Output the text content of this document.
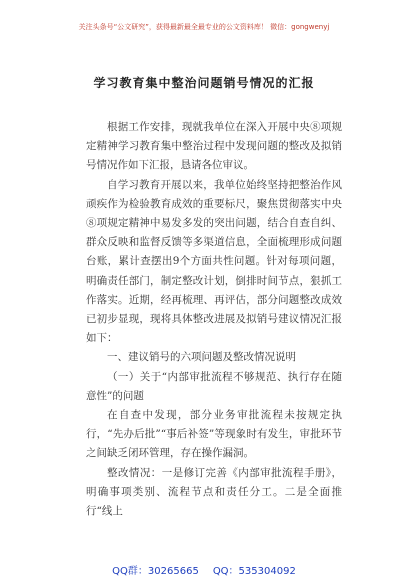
关注头条号“公文研究”，获得最新最全最专业的公文资料库！ 微信：gongwenyj
学习教育集中整治问题销号情况的汇报

根据工作安排，现就我单位在深入开展中央⑧项规定精神学习教育集中整治过程中发现问题的整改及拟销号情况作如下汇报，恳请各位审议。

自学习教育开展以来，我单位始终坚持把整治作风顽疾作为检验教育成效的重要标尺，聚焦贯彻落实中央⑧项规定精神中易发多发的突出问题，结合自查自纠、群众反映和监督反馈等多渠道信息，全面梳理形成问题台账，累计查摆出9个方面共性问题。针对每项问题，明确责任部门，制定整改计划，倒排时间节点，狠抓工作落实。近期，经再梳理、再评估，部分问题整改成效已初步显现，现将具体整改进展及拟销号建议情况汇报如下：

一、建议销号的六项问题及整改情况说明

（一）关于“内部审批流程不够规范、执行存在随意性”的问题

在自查中发现，部分业务审批流程未按规定执行，“先办后批”“事后补签”等现象时有发生，审批环节之间缺乏闭环管理，存在操作漏洞。

整改情况：一是修订完善《内部审批流程手册》，明确事项类别、流程节点和责任分工。二是全面推行“线上

QQ群：30265665 QQ：535304092
